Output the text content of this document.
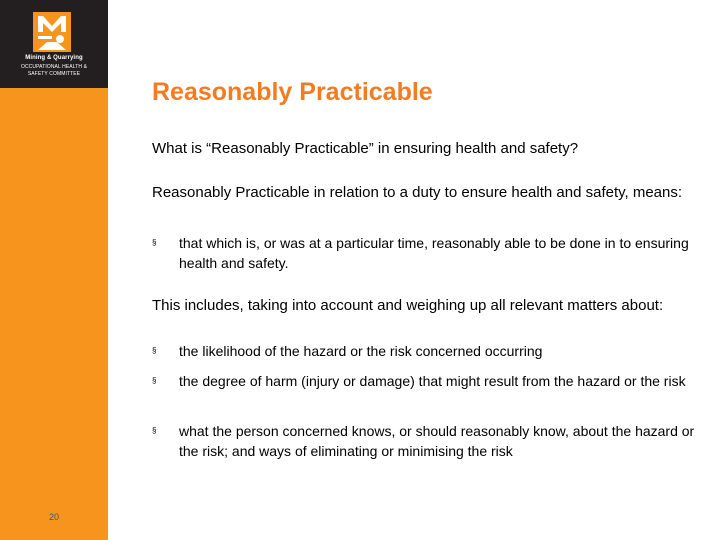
Mining & Quarrying
OCCUPATIONAL HEALTH &
SAFETY COMMITTEE
20
Reasonably Practicable
What is “Reasonably Practicable” in ensuring health and safety?
Reasonably Practicable in relation to a duty to ensure health and safety, means:
§ that which is, or was at a particular time, reasonably able to be done in to ensuring health and safety.
This includes, taking into account and weighing up all relevant matters about:
§ the likelihood of the hazard or the risk concerned occurring
§ the degree of harm (injury or damage) that might result from the hazard or the risk
§ what the person concerned knows, or should reasonably know, about the hazard or the risk; and ways of eliminating or minimising the risk
